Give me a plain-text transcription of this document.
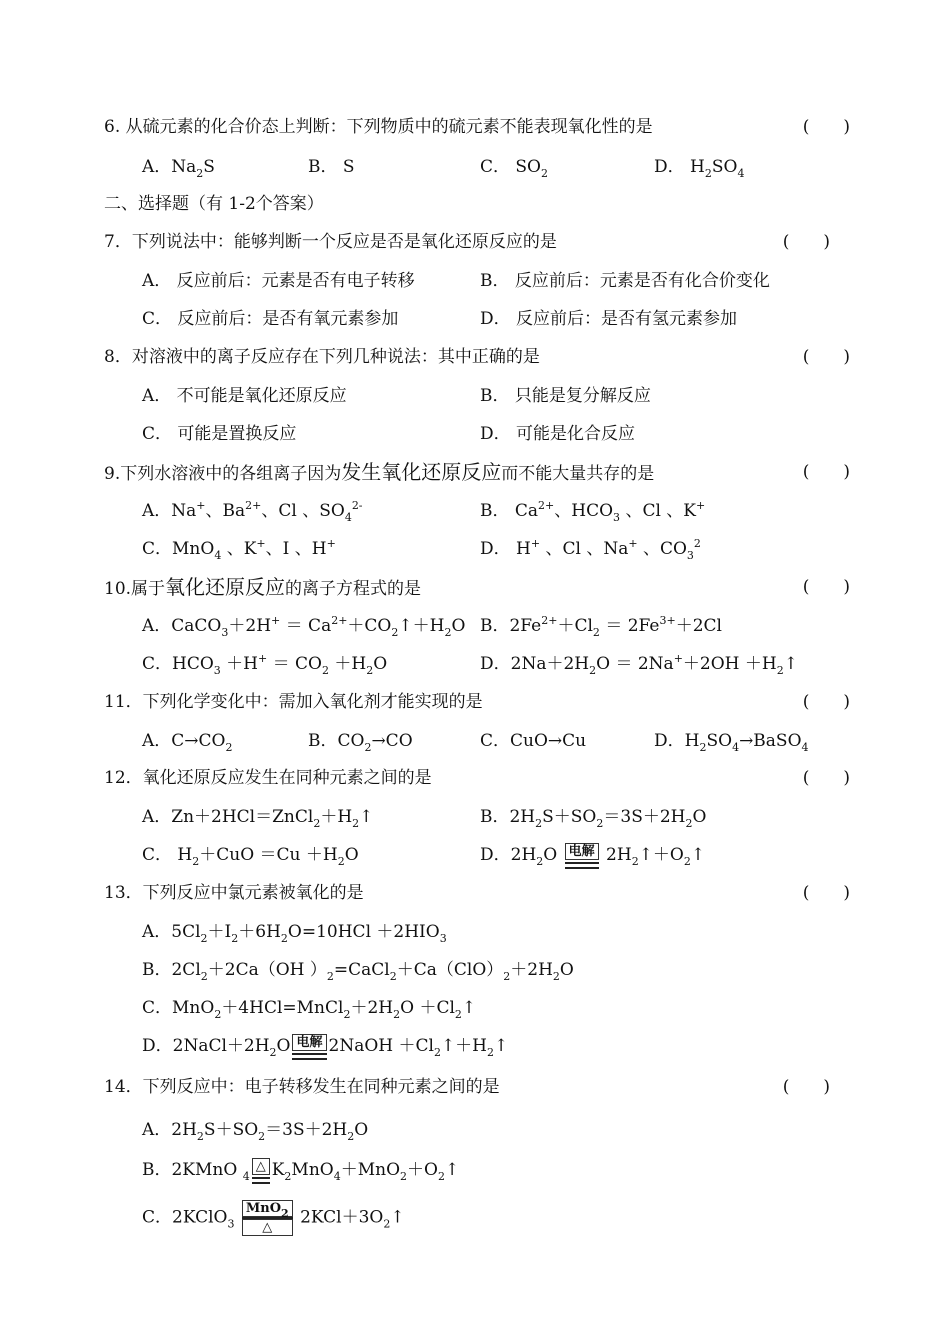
6. 从硫元素的化合价态上判断：下列物质中的硫元素不能表现氧化性的是	(　　)
A．$Na_2S$	B． S	C． $SO_2$	D． $H_2SO_4$
二、选择题（有 1-2个答案）
7．下列说法中：能够判断一个反应是否是氧化还原反应的是	(　　)
A． 反应前后：元素是否有电子转移	B． 反应前后：元素是否有化合价变化
C． 反应前后：是否有氧元素参加	D． 反应前后：是否有氢元素参加
8．对溶液中的离子反应存在下列几种说法：其中正确的是	(　　)
A． 不可能是氧化还原反应	B． 只能是复分解反应
C． 可能是置换反应	D． 可能是化合反应
9.下列水溶液中的各组离子因为发生氧化还原反应而不能大量共存的是	(　　)
A．Na+、$Ba^{2+}$、Cl 、$SO_4^{2-}$	B． $Ca^{2+}$、$HCO_3$ 、Cl 、K+
C．MnO$_4$ 、K+、I 、H+	D． H+ 、Cl 、Na+ 、$CO_3^2$
10.属于氧化还原反应的离子方程式的是	(　　)
A．CaCO$_3$＋2H+ ＝ $Ca^{2+}+CO_2↑+H_2O$ B．$2Fe^{2+}+Cl_2 = 2Fe^{3+}+2Cl$
C．$HCO_3 +H^+ = CO_2 +H_2O$	D．$2Na+2H_2O = 2Na^++2OH$ $+H_2↑$
11．下列化学变化中：需加入氧化剂才能实现的是	(　　)
A．$C\to CO_2$	B．$CO_2\to CO$	C．CuO→Cu	D．$H_2SO_4\to BaSO_4$
12．氧化还原反应发生在同种元素之间的是	(　　)
A．$Zn+2HCl=ZnCl_2+H_2↑$	B．$2H_2S+SO_2=3S+2H_2O$
C． $H_2+CuO =Cu +H_2O$	D．$2H_2O$ 电解 $2H_2↑+O_2↑$
13．下列反应中氯元素被氧化的是	(　　)
A．$5Cl_2+I_2+6H_2O=10HCl +2HIO_3$
B．$2Cl_2+2Ca(OH$ ）$_2=CaCl_2+Ca(ClO)_2+2H_2O$
C．$MnO_2+4HCl=MnCl_2+2H_2O$ $+Cl_2↑$
D．$2NaCl+2H_2O$ 电解 2NaOH $+Cl_2↑+H_2↑$
14．下列反应中：电子转移发生在同种元素之间的是	(　　)
A．$2H_2S+SO_2=3S+2H_2O$
B．2KMnO $_4$
△ $K_2MnO_4+MnO_2+O_2↑$
C．2KClO$_3$
MnO$_2$
△	$2KCl+3O_2↑$
